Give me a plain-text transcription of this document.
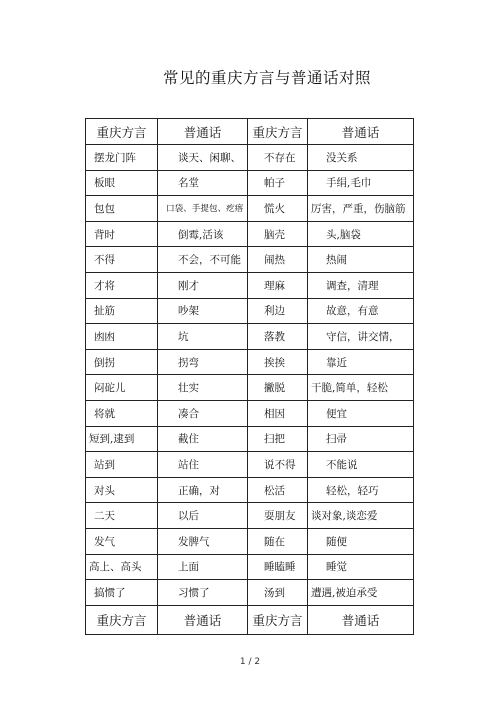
常见的重庆方言与普通话对照
重庆方言	普通话	重庆方言	普通话
摆龙门阵	谈天、闲聊、	不存在	没关系
板眼	名堂	帕子	手绢,毛巾
包包	口袋、手提包、疙瘩	慌火	厉害，严重，伤脑筋
背时	倒霉,活该	脑壳	头,脑袋
不得	不会，不可能	闹热	热闹
才将	刚才	理麻	调查，清理
扯筋	吵架	利边	故意，有意
凼凼	坑	落教	守信，讲交情，
倒拐	拐弯	挨挨	靠近
闷砣儿	壮实	撇脱	干脆,简单，轻松
将就	凑合	相因	便宜
短到,逮到	截住	扫把	扫帚
站到	站住	说不得	不能说
对头	正确，对	松活	轻松，轻巧
二天	以后	耍朋友	谈对象,谈恋爱
发气	发脾气	随在	随便
高上、高头	上面	睡瞌睡	睡觉
搞惯了	习惯了	汤到	遭遇,被迫承受
重庆方言	普通话	重庆方言	普通话
1 / 2
